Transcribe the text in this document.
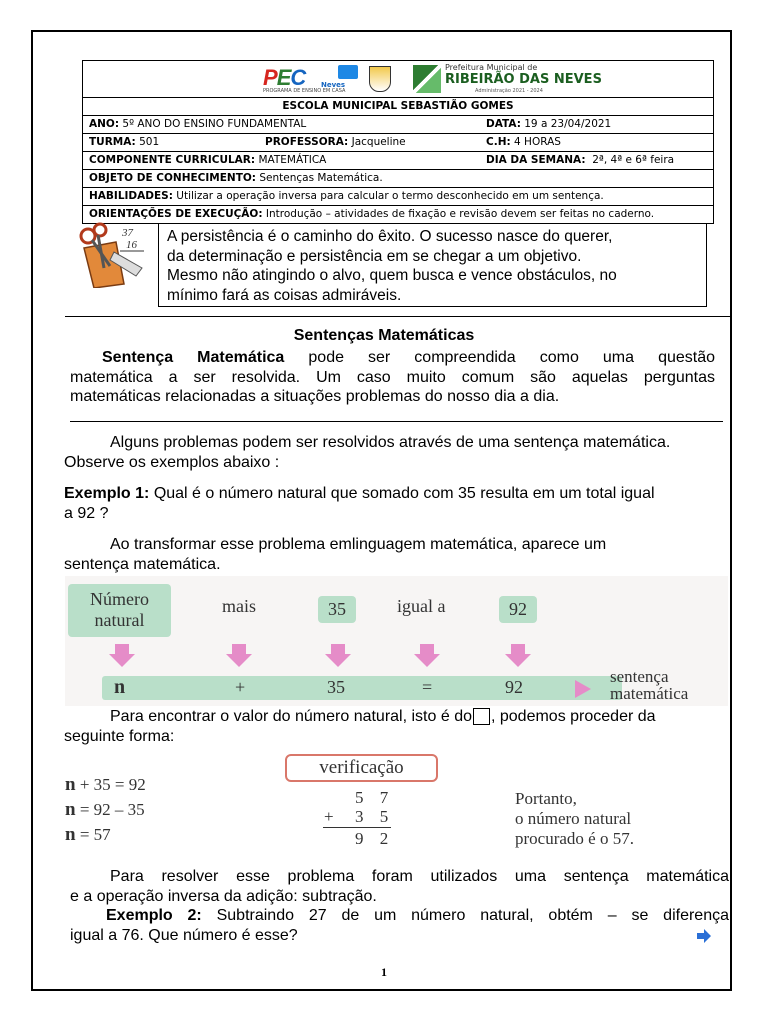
PEC Neves
PROGRAMA DE ENSINO EM CASA
Prefeitura Municipal de
RIBEIRÃO DAS NEVES
Administração 2021 - 2024
ESCOLA MUNICIPAL SEBASTIÃO GOMES
ANO: 5º ANO DO ENSINO FUNDAMENTAL	DATA: 19 a 23/04/2021
TURMA: 501	PROFESSORA: Jacqueline	C.H: 4 HORAS
COMPONENTE CURRICULAR: MATEMÁTICA	DIA DA SEMANA: 2ª, 4ª e 6ª feira
OBJETO DE CONHECIMENTO: Sentenças Matemática.
HABILIDADES: Utilizar a operação inversa para calcular o termo desconhecido em um sentença.
ORIENTAÇÕES DE EXECUÇÃO: Introdução – atividades de fixação e revisão devem ser feitas no caderno.
37
16 A persistência é o caminho do êxito. O sucesso nasce do querer,
da determinação e persistência em se chegar a um objetivo.
Mesmo não atingindo o alvo, quem busca e vence obstáculos, no
mínimo fará as coisas admiráveis.
Sentenças Matemáticas
Sentença Matemática pode ser compreendida como uma questão
matemática a ser resolvida. Um caso muito comum são aquelas perguntas
matemáticas relacionadas a situações problemas do nosso dia a dia.
Alguns problemas podem ser resolvidos através de uma sentença matemática.
Observe os exemplos abaixo :
Exemplo 1: Qual é o número natural que somado com 35 resulta em um total igual
a 92 ?
Ao transformar esse problema emlinguagem matemática, aparece um
sentença matemática.
Número
natural
mais	35	igual a	92
n	+	35	=	92
sentença
matemática
Para encontrar o valor do número natural, isto é do , podemos proceder da
seguinte forma:
n + 35 = 92
n = 92 – 35
n = 57
verificação
5 7
+ 3 5
9 2
Portanto,
o número natural
procurado é o 57.
Para resolver esse problema foram utilizados uma sentença matemática
e a operação inversa da adição: subtração.
Exemplo 2: Subtraindo 27 de um número natural, obtém – se diferença
igual a 76. Que número é esse?
1
